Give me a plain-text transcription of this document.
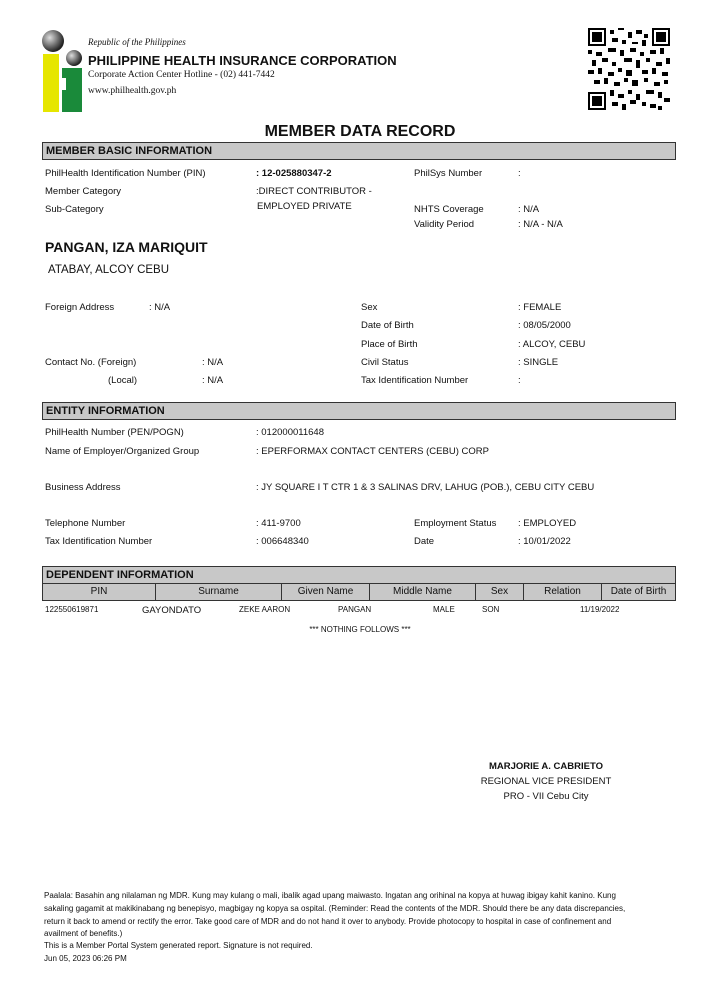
Republic of the Philippines
PHILIPPINE HEALTH INSURANCE CORPORATION
Corporate Action Center Hotline - (02) 441-7442
www.philhealth.gov.ph
MEMBER DATA RECORD
MEMBER BASIC INFORMATION
PhilHealth Identification Number (PIN)	: 12-025880347-2	PhilSys Number	:
Member Category	:DIRECT CONTRIBUTOR -
EMPLOYED PRIVATE
Sub-Category	NHTS Coverage	: N/A
Validity Period	: N/A - N/A
PANGAN, IZA MARIQUIT
ATABAY, ALCOY CEBU
Foreign Address	: N/A	Sex	: FEMALE
Date of Birth	: 08/05/2000
Place of Birth	: ALCOY, CEBU
Contact No. (Foreign)	: N/A	Civil Status	: SINGLE
(Local)	: N/A	Tax Identification Number	:
ENTITY INFORMATION
PhilHealth Number (PEN/POGN)	: 012000011648
Name of Employer/Organized Group	: EPERFORMAX CONTACT CENTERS (CEBU) CORP
Business Address	: JY SQUARE I T CTR 1 & 3 SALINAS DRV, LAHUG (POB.), CEBU CITY CEBU
Telephone Number	: 411-9700	Employment Status : EMPLOYED
Tax Identification Number	: 006648340	Date	: 10/01/2022
DEPENDENT INFORMATION
PIN	Surname	Given Name	Middle Name	Sex	Relation	Date of Birth
122550619871	GAYONDATO	ZEKE AARON	PANGAN	MALE	SON	11/19/2022
*** NOTHING FOLLOWS ***
MARJORIE A. CABRIETO
REGIONAL VICE PRESIDENT
PRO - VII Cebu City
Paalala: Basahin ang nilalaman ng MDR. Kung may kulang o mali, ibalik agad upang maiwasto. Ingatan ang orihinal na kopya at huwag ibigay kahit kanino. Kung
sakaling gagamit at makikinabang ng benepisyo, magbigay ng kopya sa ospital. (Reminder: Read the contents of the MDR. Should there be any data discrepancies,
return it back to amend or rectify the error. Take good care of MDR and do not hand it over to anybody. Provide photocopy to hospital in case of confinement and
availment of benefits.)
This is a Member Portal System generated report. Signature is not required.
Jun 05, 2023 06:26 PM
